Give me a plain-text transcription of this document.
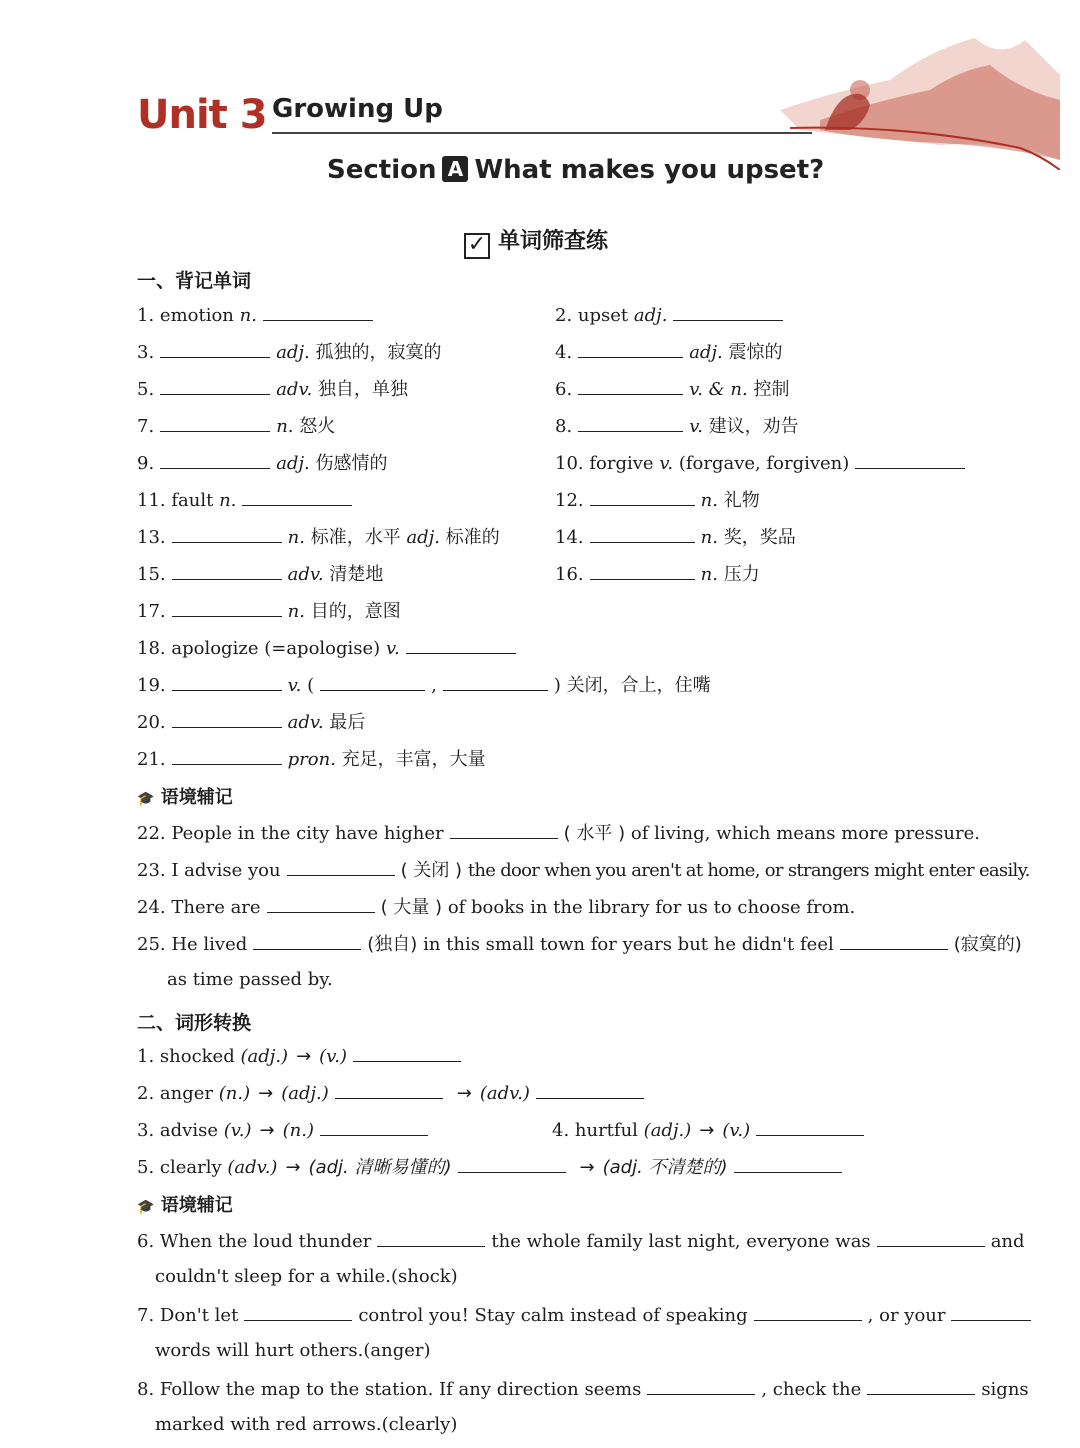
Unit 3 Growing Up
Section A What makes you upset?
✓ 单词筛查练
一、背记单词
1. emotion n.	2. upset adj.
3.	adj. 孤独的，寂寞的	4.	adj. 震惊的
5.	adv. 独自，单独	6.	v. & n. 控制
7.	n. 怒火	8.	v. 建议，劝告
9.	adj. 伤感情的	10. forgive v. (forgave, forgiven)
11. fault n.	12.	n. 礼物
13.	n. 标准，水平 adj. 标准的	14.	n. 奖，奖品
15.	adv. 清楚地	16.	n. 压力
17.	n. 目的，意图
18. apologize (=apologise) v.
19.	v. (	,	) 关闭，合上，住嘴
20.	adv. 最后
21.	pron. 充足，丰富，大量
🎓 语境辅记
22. People in the city have higher	( 水平 ) of living, which means more pressure.
23. I advise you	( 关闭 ) the door when you aren't at home, or strangers might enter easily.
24. There are	( 大量 ) of books in the library for us to choose from.
25. He lived	(独自) in this small town for years but he didn't feel	(寂寞的)
as time passed by.
二、词形转换
1. shocked (adj.) → (v.)
2. anger (n.) → (adj.)	→ (adv.)
3. advise (v.) → (n.)	4. hurtful (adj.) → (v.)
5. clearly (adv.) → (adj. 清晰易懂的)	→ (adj. 不清楚的)
🎓 语境辅记
6. When the loud thunder	the whole family last night, everyone was	and
couldn't sleep for a while.(shock)
7. Don't let	control you! Stay calm instead of speaking	, or your
words will hurt others.(anger)
8. Follow the map to the station. If any direction seems	, check the	signs
marked with red arrows.(clearly)
